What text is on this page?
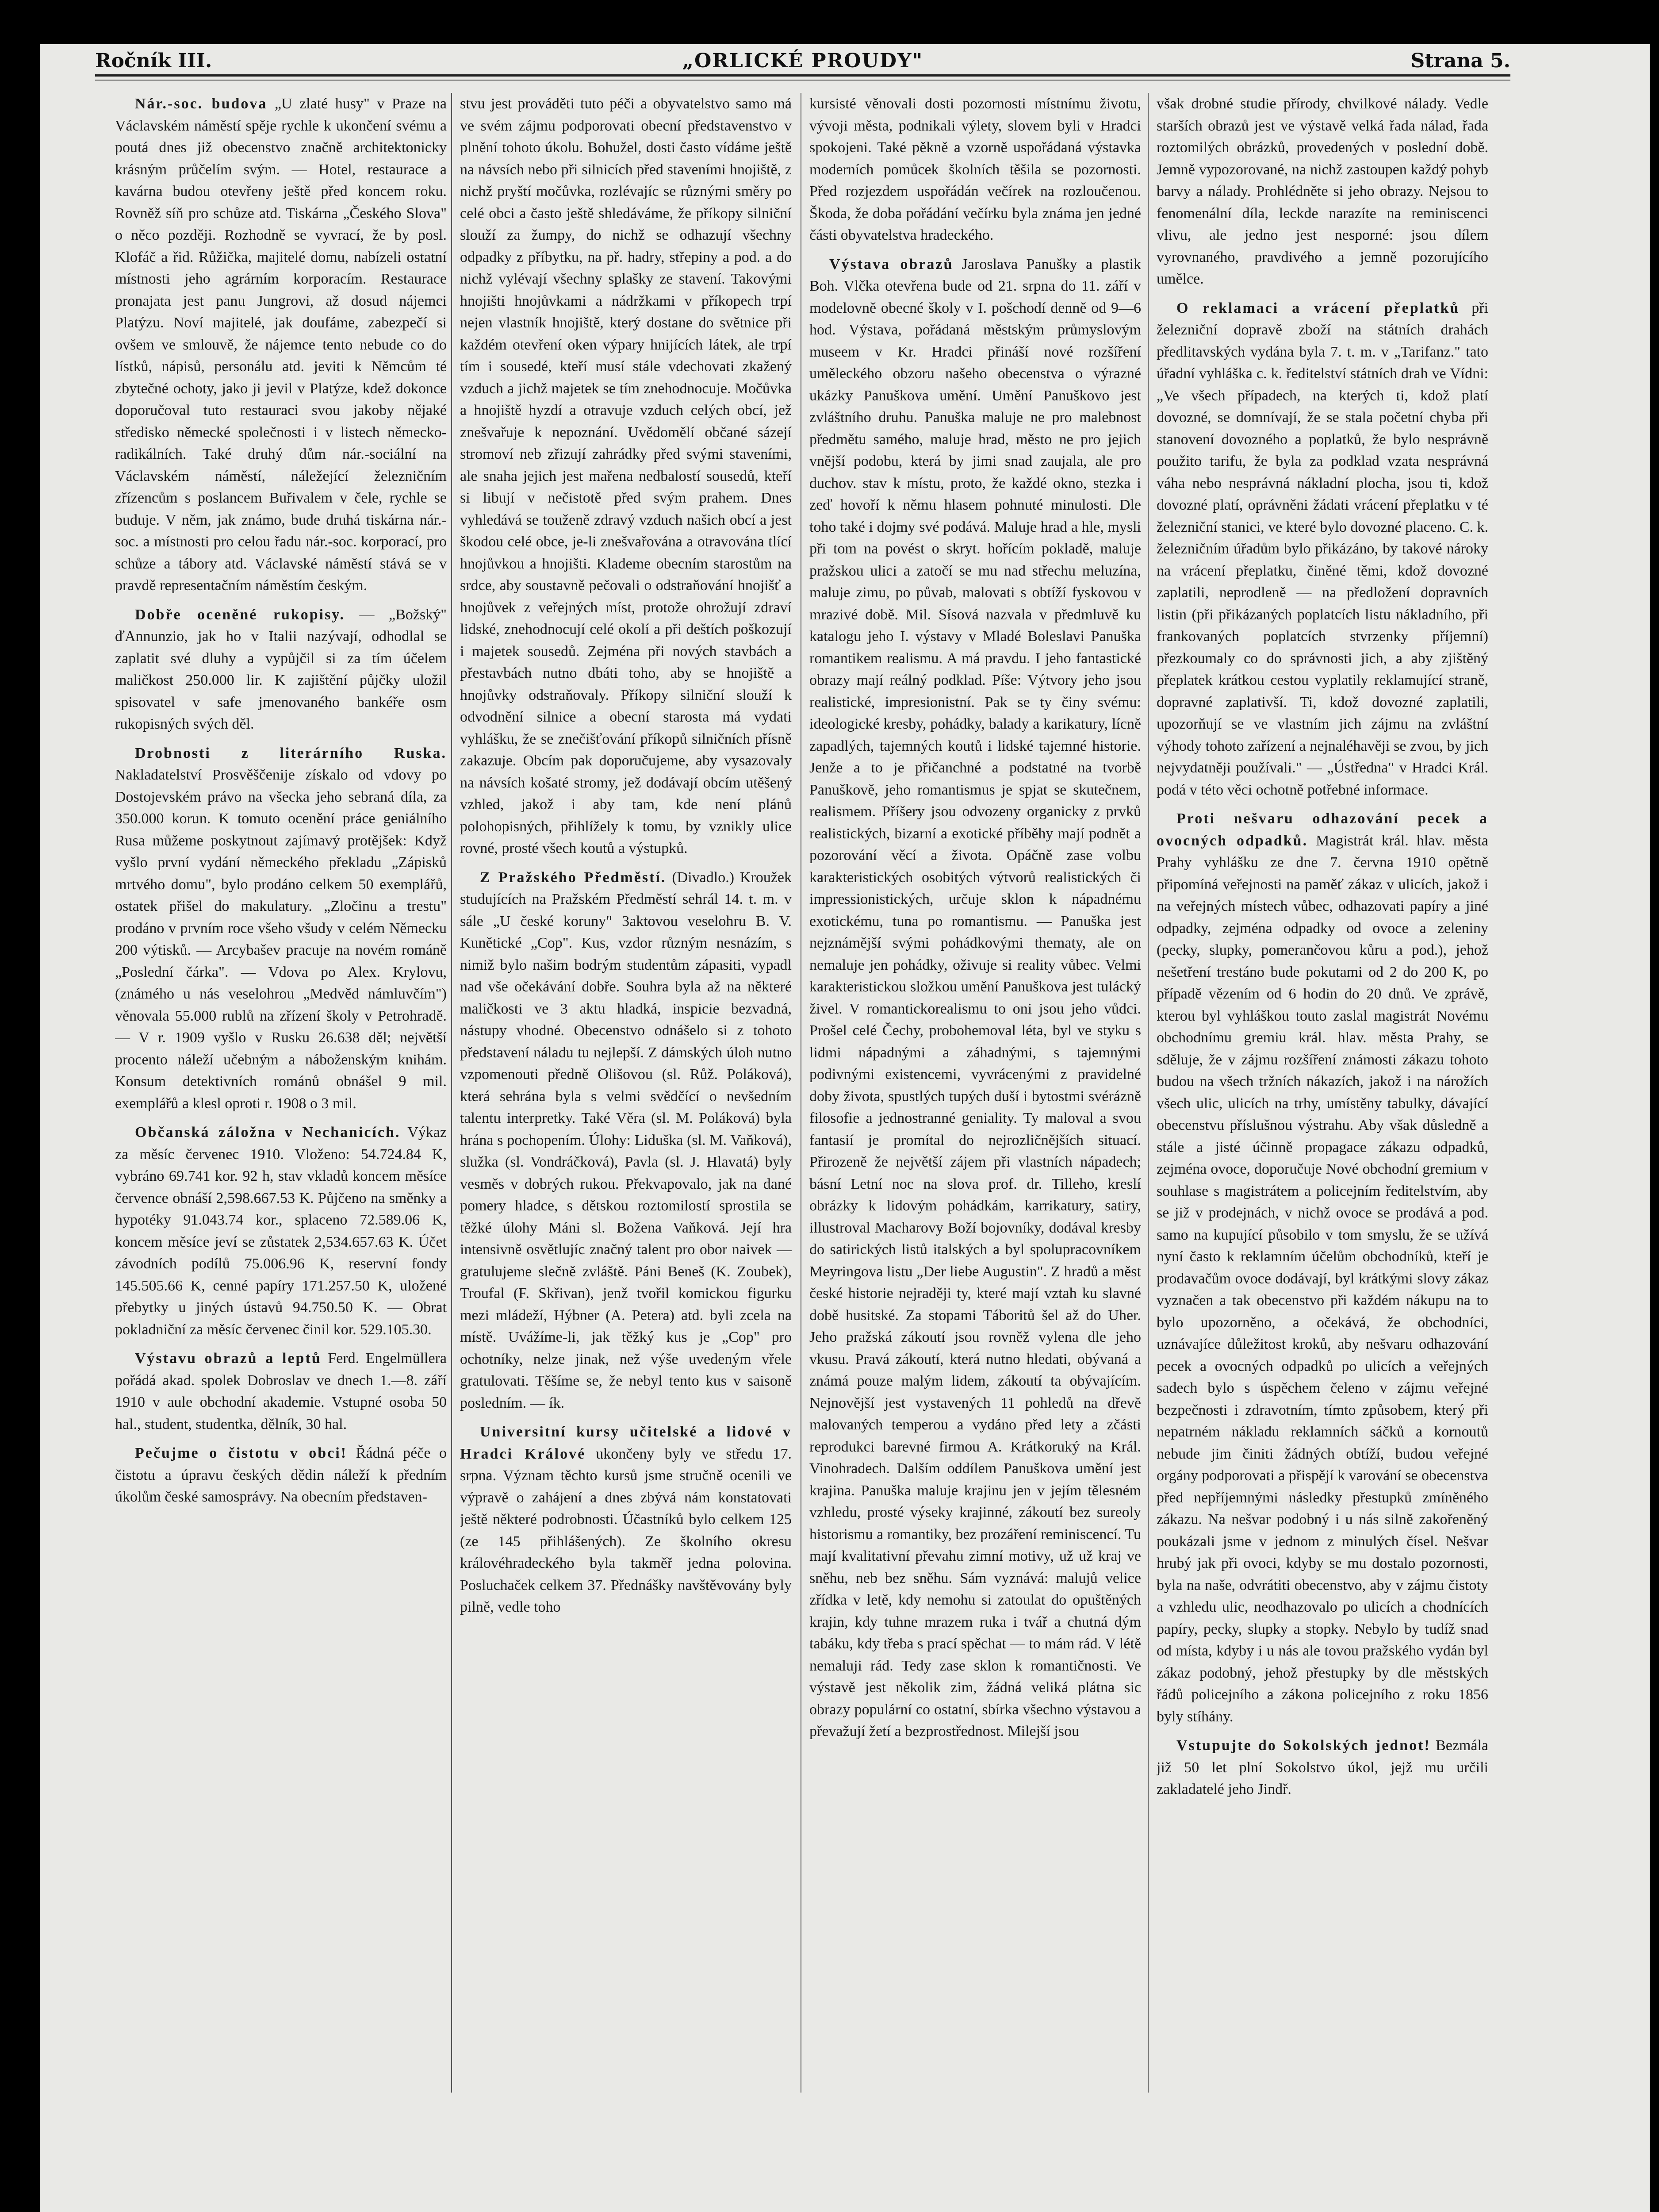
Ročník III.	„ORLICKÉ PROUDY"	Strana 5.

Nár.-soc. budova „U zlaté husy" v Praze na Václavském náměstí spěje rychle k ukončení svému a poutá dnes již obecenstvo značně architektonicky krásným průčelím svým. — Hotel, restaurace a kavárna budou otevřeny ještě před koncem roku. Rovněž síň pro schůze atd. Tiskárna „Českého Slova" o něco později. Rozhodně se vyvrací, že by posl. Klofáč a řid. Růžička, majitelé domu, nabízeli ostatní místnosti jeho agrárním korporacím. Restaurace pronajata jest panu Jungrovi, až dosud nájemci Platýzu. Noví majitelé, jak doufáme, zabezpečí si ovšem ve smlouvě, že nájemce tento nebude co do lístků, nápisů, personálu atd. jeviti k Němcům té zbytečné ochoty, jako ji jevil v Platýze, kdež dokonce doporučoval tuto restauraci svou jakoby nějaké středisko německé společnosti i v listech německo-radikálních. Také druhý dům nár.-sociální na Václavském náměstí, náležející železničním zřízencům s poslancem Buřivalem v čele, rychle se buduje. V něm, jak známo, bude druhá tiskárna nár.-soc. a místnosti pro celou řadu nár.-soc. korporací, pro schůze a tábory atd. Václavské náměstí stává se v pravdě representačním náměstím českým.

Dobře oceněné rukopisy. — „Božský" ďAnnunzio, jak ho v Italii nazývají, odhodlal se zaplatit své dluhy a vypůjčil si za tím účelem maličkost 250.000 lir. K zajištění půjčky uložil spisovatel v safe jmenovaného bankéře osm rukopisných svých děl.

Drobnosti z literárního Ruska. Nakladatelství Prosvěščenije získalo od vdovy po Dostojevském právo na všecka jeho sebraná díla, za 350.000 korun. K tomuto ocenění práce geniálního Rusa můžeme poskytnout zajímavý protějšek: Když vyšlo první vydání německého překladu „Zápisků mrtvého domu", bylo prodáno celkem 50 exemplářů, ostatek přišel do makulatury. „Zločinu a trestu" prodáno v prvním roce všeho všudy v celém Německu 200 výtisků. — Arcybašev pracuje na novém románě „Poslední čárka". — Vdova po Alex. Krylovu, (známého u nás veselohrou „Medvěd námluvčím") věnovala 55.000 rublů na zřízení školy v Petrohradě. — V r. 1909 vyšlo v Rusku 26.638 děl; největší procento náleží učebným a náboženským knihám. Konsum detektivních románů obnášel 9 mil. exemplářů a klesl oproti r. 1908 o 3 mil.

Občanská záložna v Nechanicích. Výkaz za měsíc červenec 1910. Vloženo: 54.724.84 K, vybráno 69.741 kor. 92 h, stav vkladů koncem měsíce července obnáší 2,598.667.53 K. Půjčeno na směnky a hypotéky 91.043.74 kor., splaceno 72.589.06 K, koncem měsíce jeví se zůstatek 2,534.657.63 K. Účet závodních podílů 75.006.96 K, reservní fondy 145.505.66 K, cenné papíry 171.257.50 K, uložené přebytky u jiných ústavů 94.750.50 K. — Obrat pokladniční za měsíc červenec činil kor. 529.105.30.

Výstavu obrazů a leptů Ferd. Engelmüllera pořádá akad. spolek Dobroslav ve dnech 1.—8. září 1910 v aule obchodní akademie. Vstupné osoba 50 hal., student, studentka, dělník, 30 hal.

Pečujme o čistotu v obci! Řádná péče o čistotu a úpravu českých dědin náleží k předním úkolům české samosprávy. Na obecním představen-

stvu jest prováděti tuto péči a obyvatelstvo samo má ve svém zájmu podporovati obecní představenstvo v plnění tohoto úkolu. Bohužel, dosti často vídáme ještě na návsích nebo při silnicích před staveními hnojiště, z nichž pryští močůvka, rozlévajíc se různými směry po celé obci a často ještě shledáváme, že příkopy silniční slouží za žumpy, do nichž se odhazují všechny odpadky z příbytku, na př. hadry, střepiny a pod. a do nichž vylévají všechny splašky ze stavení. Takovými hnojišti hnojůvkami a nádržkami v příkopech trpí nejen vlastník hnojiště, který dostane do světnice při každém otevření oken výpary hnijících látek, ale trpí tím i sousedé, kteří musí stále vdechovati zkažený vzduch a jichž majetek se tím znehodnocuje. Močůvka a hnojiště hyzdí a otravuje vzduch celých obcí, jež znešvařuje k nepoznání. Uvědomělí občané sázejí stromoví neb zřizují zahrádky před svými staveními, ale snaha jejich jest mařena nedbalostí sousedů, kteří si libují v nečistotě před svým prahem. Dnes vyhledává se touženě zdravý vzduch našich obcí a jest škodou celé obce, je-li znešvařována a otravována tlící hnojůvkou a hnojišti. Klademe obecním starostům na srdce, aby soustavně pečovali o odstraňování hnojišť a hnojůvek z veřejných míst, protože ohrožují zdraví lidské, znehodnocují celé okolí a při deštích poškozují i majetek sousedů. Zejména při nových stavbách a přestavbách nutno dbáti toho, aby se hnojiště a hnojůvky odstraňovaly. Příkopy silniční slouží k odvodnění silnice a obecní starosta má vydati vyhlášku, že se znečišťování příkopů silničních přísně zakazuje. Obcím pak doporučujeme, aby vysazovaly na návsích košaté stromy, jež dodávají obcím utěšený vzhled, jakož i aby tam, kde není plánů polohopisných, přihlížely k tomu, by vznikly ulice rovné, prosté všech koutů a výstupků.

Z Pražského Předměstí. (Divadlo.) Kroužek studujících na Pražském Předměstí sehrál 14. t. m. v sále „U české koruny" 3aktovou veselohru B. V. Kunětické „Cop". Kus, vzdor různým nesnázím, s nimiž bylo našim bodrým studentům zápasiti, vypadl nad vše očekávání dobře. Souhra byla až na některé maličkosti ve 3 aktu hladká, inspicie bezvadná, nástupy vhodné. Obecenstvo odnášelo si z tohoto představení náladu tu nejlepší. Z dámských úloh nutno vzpomenouti předně Olišovou (sl. Růž. Poláková), která sehrána byla s velmi svědčící o nevšedním talentu interpretky. Také Věra (sl. M. Poláková) byla hrána s pochopením. Úlohy: Liduška (sl. M. Vaňková), služka (sl. Vondráčková), Pavla (sl. J. Hlavatá) byly vesměs v dobrých rukou. Překvapovalo, jak na dané pomery hladce, s dětskou roztomilostí sprostila se těžké úlohy Máni sl. Božena Vaňková. Její hra intensivně osvětlujíc značný talent pro obor naivek — gratulujeme slečně zvláště. Páni Beneš (K. Zoubek), Troufal (F. Skřivan), jenž tvořil komickou figurku mezi mládeží, Hýbner (A. Petera) atd. byli zcela na místě. Uvážíme-li, jak těžký kus je „Cop" pro ochotníky, nelze jinak, než výše uvedeným vřele gratulovati. Těšíme se, že nebyl tento kus v saisoně posledním. — ík.

Universitní kursy učitelské a lidové v Hradci Králové ukončeny byly ve středu 17. srpna. Význam těchto kursů jsme stručně ocenili ve výpravě o zahájení a dnes zbývá nám konstatovati ještě některé podrobnosti. Účastníků bylo celkem 125 (ze 145 přihlášených). Ze školního okresu královéhradeckého byla takměř jedna polovina. Posluchaček celkem 37. Přednášky navštěvovány byly pilně, vedle toho

kursisté věnovali dosti pozornosti místnímu životu, vývoji města, podnikali výlety, slovem byli v Hradci spokojeni. Také pěkně a vzorně uspořádaná výstavka moderních pomůcek školních těšila se pozornosti. Před rozjezdem uspořádán večírek na rozloučenou. Škoda, že doba pořádání večírku byla známa jen jedné části obyvatelstva hradeckého.

Výstava obrazů Jaroslava Panušky a plastik Boh. Vlčka otevřena bude od 21. srpna do 11. září v modelovně obecné školy v I. pošchodí denně od 9—6 hod. Výstava, pořádaná městským průmyslovým museem v Kr. Hradci přináší nové rozšíření uměleckého obzoru našeho obecenstva o výrazné ukázky Panuškova umění. Umění Panuškovo jest zvláštního druhu. Panuška maluje ne pro malebnost předmětu samého, maluje hrad, město ne pro jejich vnější podobu, která by jimi snad zaujala, ale pro duchov. stav k místu, proto, že každé okno, stezka i zeď hovoří k němu hlasem pohnuté minulosti. Dle toho také i dojmy své podává. Maluje hrad a hle, mysli při tom na povést o skryt. hořícím pokladě, maluje pražskou ulici a zatočí se mu nad střechu meluzína, maluje zimu, po půvab, malovati s obtíží fyskovou v mrazivé době. Mil. Sísová nazvala v předmluvě ku katalogu jeho I. výstavy v Mladé Boleslavi Panuška romantikem realismu. A má pravdu. I jeho fantastické obrazy mají reálný podklad. Píše: Výtvory jeho jsou realistické, impresionistní. Pak se ty činy svému: ideologické kresby, pohádky, balady a karikatury, lícně zapadlých, tajemných koutů i lidské tajemné historie. Jenže a to je přičanchné a podstatné na tvorbě Panuškově, jeho romantismus je spjat se skutečnem, realismem. Příšery jsou odvozeny organicky z prvků realistických, bizarní a exotické příběhy mají podnět a pozorování věcí a života. Opáčně zase volbu karakteristických osobitých výtvorů realistických či impressionistických, určuje sklon k nápadnému exotickému, tuna po romantismu. — Panuška jest nejznámější svými pohádkovými thematy, ale on nemaluje jen pohádky, oživuje si reality vůbec. Velmi karakteristickou složkou umění Panuškova jest tulácký živel. V romantickorealismu to oni jsou jeho vůdci. Prošel celé Čechy, probohemoval léta, byl ve styku s lidmi nápadnými a záhadnými, s tajemnými podivnými existencemi, vyvrácenými z pravidelné doby života, spustlých tupých duší i bytostmi svérázně filosofie a jednostranné geniality. Ty maloval a svou fantasií je promítal do nejrozličnějších situací. Přirozeně že největší zájem při vlastních nápadech; básní Letní noc na slova prof. dr. Tilleho, kreslí obrázky k lidovým pohádkám, karrikatury, satiry, illustroval Macharovy Boží bojovníky, dodával kresby do satirických listů italských a byl spolupracovníkem Meyringova listu „Der liebe Augustin". Z hradů a měst české historie nejraději ty, které mají vztah ku slavné době husitské. Za stopami Táboritů šel až do Uher. Jeho pražská zákoutí jsou rovněž vylena dle jeho vkusu. Pravá zákoutí, která nutno hledati, obývaná a známá pouze malým lidem, zákoutí ta obývajícím. Nejnovější jest vystavených 11 pohledů na dřevě malovaných temperou a vydáno před lety a zčásti reprodukci barevné firmou A. Krátkoruký na Král. Vinohradech. Dalším oddílem Panuškova umění jest krajina. Panuška maluje krajinu jen v jejím tělesném vzhledu, prosté výseky krajinné, zákoutí bez sureoly historismu a romantiky, bez prozáření reminiscencí. Tu mají kvalitativní převahu zimní motivy, už už kraj ve sněhu, neb bez sněhu. Sám vyznává: malujů velice zřídka v letě, kdy nemohu si zatoulat do opuštěných krajin, kdy tuhne mrazem ruka i tvář a chutná dým tabáku, kdy třeba s prací spěchat — to mám rád. V létě nemaluji rád. Tedy zase sklon k romantičnosti. Ve výstavě jest několik zim, žádná veliká plátna sic obrazy populární co ostatní, sbírka všechno výstavou a převažují žetí a bezprostřednost. Milejší jsou

však drobné studie přírody, chvilkové nálady. Vedle starších obrazů jest ve výstavě velká řada nálad, řada roztomilých obrázků, provedených v poslední době. Jemně vypozorované, na nichž zastoupen každý pohyb barvy a nálady. Prohlédněte si jeho obrazy. Nejsou to fenomenální díla, leckde narazíte na reminiscenci vlivu, ale jedno jest nesporné: jsou dílem vyrovnaného, pravdivého a jemně pozorujícího umělce.

O reklamaci a vrácení přeplatků při železniční dopravě zboží na státních drahách předlitavských vydána byla 7. t. m. v „Tarifanz." tato úřadní vyhláška c. k. ředitelství státních drah ve Vídni: „Ve všech případech, na kterých ti, kdož platí dovozné, se domnívají, že se stala početní chyba při stanovení dovozného a poplatků, že bylo nesprávně použito tarifu, že byla za podklad vzata nesprávná váha nebo nesprávná nákladní plocha, jsou ti, kdož dovozné platí, oprávněni žádati vrácení přeplatku v té železniční stanici, ve které bylo dovozné placeno. C. k. železničním úřadům bylo přikázáno, by takové nároky na vrácení přeplatku, činěné těmi, kdož dovozné zaplatili, neprodleně — na předložení dopravních listin (při přikázaných poplatcích listu nákladního, při frankovaných poplatcích stvrzenky příjemní) přezkoumaly co do správnosti jich, a aby zjištěný přeplatek krátkou cestou vyplatily reklamující straně, dopravné zaplativší. Ti, kdož dovozné zaplatili, upozorňují se ve vlastním jich zájmu na zvláštní výhody tohoto zařízení a nejnaléhavěji se zvou, by jich nejvydatněji používali." — „Ústředna" v Hradci Král. podá v této věci ochotně potřebné informace.

Proti nešvaru odhazování pecek a ovocných odpadků. Magistrát král. hlav. města Prahy vyhlášku ze dne 7. června 1910 opětně připomíná veřejnosti na paměť zákaz v ulicích, jakož i na veřejných místech vůbec, odhazovati papíry a jiné odpadky, zejména odpadky od ovoce a zeleniny (pecky, slupky, pomerančovou kůru a pod.), jehož nešetření trestáno bude pokutami od 2 do 200 K, po případě vězením od 6 hodin do 20 dnů. Ve zprávě, kterou byl vyhláškou touto zaslal magistrát Novému obchodnímu gremiu král. hlav. města Prahy, se sděluje, že v zájmu rozšíření známosti zákazu tohoto budou na všech tržních nákazích, jakož i na nárožích všech ulic, ulicích na trhy, umístěny tabulky, dávající obecenstvu příslušnou výstrahu. Aby však důsledně a stále a jisté účinně propagace zákazu odpadků, zejména ovoce, doporučuje Nové obchodní gremium v souhlase s magistrátem a policejním ředitelstvím, aby se již v prodejnách, v nichž ovoce se prodává a pod. samo na kupující působilo v tom smyslu, že se užívá nyní často k reklamním účelům obchodníků, kteří je prodavačům ovoce dodávají, byl krátkými slovy zákaz vyznačen a tak obecenstvo při každém nákupu na to bylo upozorněno, a očekává, že obchodníci, uznávajíce důležitost kroků, aby nešvaru odhazování pecek a ovocných odpadků po ulicích a veřejných sadech bylo s úspěchem čeleno v zájmu veřejné bezpečnosti i zdravotním, tímto způsobem, který při nepatrném nákladu reklamních sáčků a kornoutů nebude jim činiti žádných obtíží, budou veřejné orgány podporovati a přispějí k varování se obecenstva před nepříjemnými následky přestupků zmíněného zákazu. Na nešvar podobný i u nás silně zakořeněný poukázali jsme v jednom z minulých čísel. Nešvar hrubý jak při ovoci, kdyby se mu dostalo pozornosti, byla na naše, odvrátiti obecenstvo, aby v zájmu čistoty a vzhledu ulic, neodhazovalo po ulicích a chodnících papíry, pecky, slupky a stopky. Nebylo by tudíž snad od místa, kdyby i u nás ale tovou pražského vydán byl zákaz podobný, jehož přestupky by dle městských řádů policejního a zákona policejního z roku 1856 byly stíhány.

Vstupujte do Sokolských jednot! Bezmála již 50 let plní Sokolstvo úkol, jejž mu určili zakladatelé jeho Jindř.
